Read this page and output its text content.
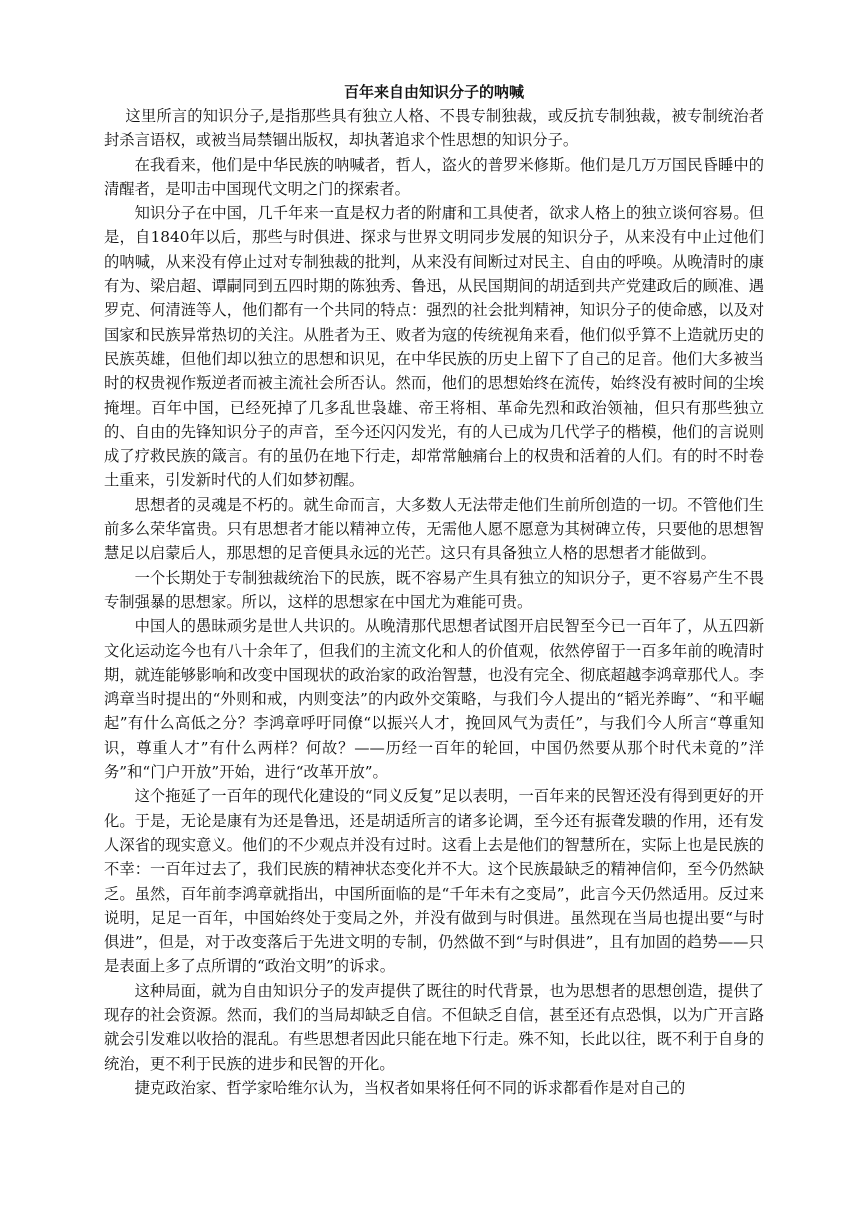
百年来自由知识分子的呐喊

这里所言的知识分子,是指那些具有独立人格、不畏专制独裁，或反抗专制独裁，被专制统治者封杀言语权，或被当局禁锢出版权，却执著追求个性思想的知识分子。

在我看来，他们是中华民族的呐喊者，哲人，盗火的普罗米修斯。他们是几万万国民昏睡中的清醒者，是叩击中国现代文明之门的探索者。

知识分子在中国，几千年来一直是权力者的附庸和工具使者，欲求人格上的独立谈何容易。但是，自1840年以后，那些与时俱进、探求与世界文明同步发展的知识分子，从来没有中止过他们的呐喊，从来没有停止过对专制独裁的批判，从来没有间断过对民主、自由的呼唤。从晚清时的康有为、梁启超、谭嗣同到五四时期的陈独秀、鲁迅，从民国期间的胡适到共产党建政后的顾准、遇罗克、何清涟等人，他们都有一个共同的特点：强烈的社会批判精神，知识分子的使命感，以及对国家和民族异常热切的关注。从胜者为王、败者为寇的传统视角来看，他们似乎算不上造就历史的民族英雄，但他们却以独立的思想和识见，在中华民族的历史上留下了自己的足音。他们大多被当时的权贵视作叛逆者而被主流社会所否认。然而，他们的思想始终在流传，始终没有被时间的尘埃掩埋。百年中国，已经死掉了几多乱世袅雄、帝王将相、革命先烈和政治领袖，但只有那些独立的、自由的先锋知识分子的声音，至今还闪闪发光，有的人已成为几代学子的楷模，他们的言说则成了疗救民族的箴言。有的虽仍在地下行走，却常常触痛台上的权贵和活着的人们。有的时不时卷土重来，引发新时代的人们如梦初醒。

思想者的灵魂是不朽的。就生命而言，大多数人无法带走他们生前所创造的一切。不管他们生前多么荣华富贵。只有思想者才能以精神立传，无需他人愿不愿意为其树碑立传，只要他的思想智慧足以启蒙后人，那思想的足音便具永远的光芒。这只有具备独立人格的思想者才能做到。

一个长期处于专制独裁统治下的民族，既不容易产生具有独立的知识分子，更不容易产生不畏专制强暴的思想家。所以，这样的思想家在中国尤为难能可贵。

中国人的愚昧顽劣是世人共识的。从晚清那代思想者试图开启民智至今已一百年了，从五四新文化运动迄今也有八十余年了，但我们的主流文化和人的价值观，依然停留于一百多年前的晚清时期，就连能够影响和改变中国现状的政治家的政治智慧，也没有完全、彻底超越李鸿章那代人。李鸿章当时提出的“外则和戒，内则变法”的内政外交策略，与我们今人提出的“韬光养晦”、“和平崛起”有什么高低之分？李鸿章呼吁同僚“以振兴人才，挽回风气为责任”，与我们今人所言“尊重知识，尊重人才”有什么两样？何故？——历经一百年的轮回，中国仍然要从那个时代未竟的”洋务”和“门户开放”开始，进行“改革开放”。

这个拖延了一百年的现代化建设的“同义反复”足以表明，一百年来的民智还没有得到更好的开化。于是，无论是康有为还是鲁迅，还是胡适所言的诸多论调，至今还有振聋发聩的作用，还有发人深省的现实意义。他们的不少观点并没有过时。这看上去是他们的智慧所在，实际上也是民族的不幸：一百年过去了，我们民族的精神状态变化并不大。这个民族最缺乏的精神信仰，至今仍然缺乏。虽然，百年前李鸿章就指出，中国所面临的是“千年未有之变局”，此言今天仍然适用。反过来说明，足足一百年，中国始终处于变局之外，并没有做到与时俱进。虽然现在当局也提出要“与时俱进”，但是，对于改变落后于先进文明的专制，仍然做不到“与时俱进”，且有加固的趋势——只是表面上多了点所谓的“政治文明”的诉求。

这种局面，就为自由知识分子的发声提供了既往的时代背景，也为思想者的思想创造，提供了现存的社会资源。然而，我们的当局却缺乏自信。不但缺乏自信，甚至还有点恐惧，以为广开言路就会引发难以收拾的混乱。有些思想者因此只能在地下行走。殊不知，长此以往，既不利于自身的统治，更不利于民族的进步和民智的开化。

捷克政治家、哲学家哈维尔认为，当权者如果将任何不同的诉求都看作是对自己的
